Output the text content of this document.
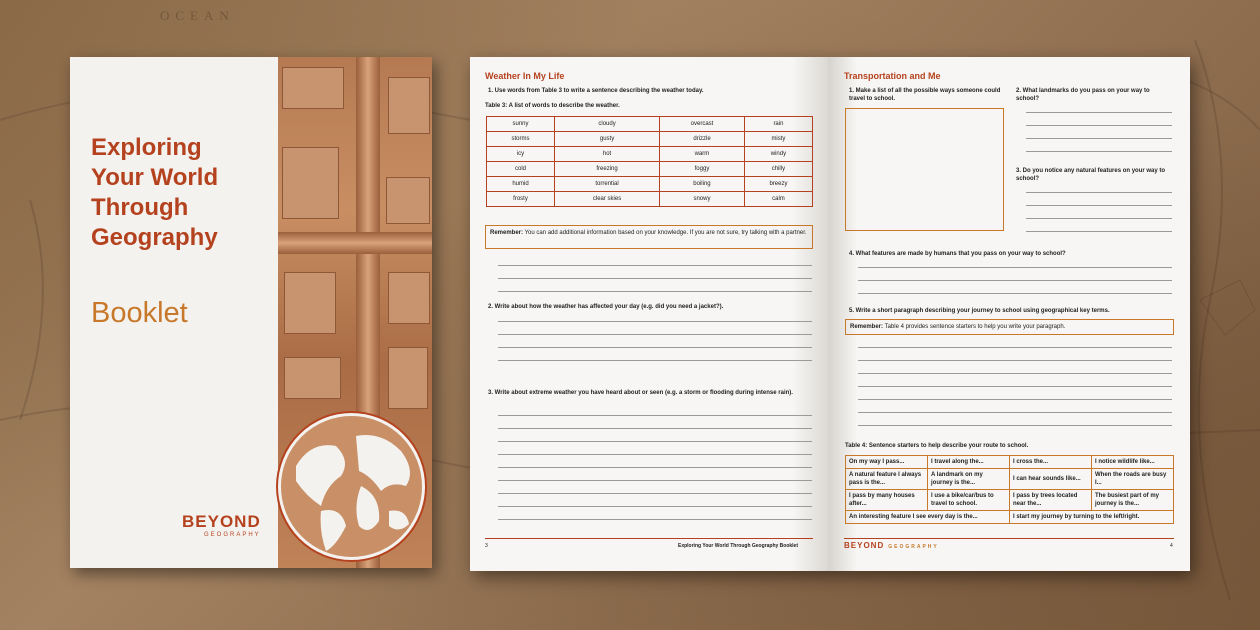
OCEAN
Exploring
Your World
Through
Geography
Booklet
BEYOND
GEOGRAPHY
Weather In My Life
1. Use words from Table 3 to write a sentence describing the weather today.
Table 3: A list of words to describe the weather.
sunny	cloudy	overcast	rain
storms	gusty	drizzle	misty
icy	hot	warm	windy
cold	freezing	foggy	chilly
humid	torrential	boiling	breezy
frosty	clear skies	snowy	calm
Remember: You can add additional information based on your knowledge. If you are not sure, try talking with a partner.
2. Write about how the weather has affected your day (e.g. did you need a jacket?).
3. Write about extreme weather you have heard about or seen (e.g. a storm or flooding during intense rain).
3	Exploring Your World Through Geography Booklet
Transportation and Me
1. Make a list of all the possible ways someone could travel to school.
2. What landmarks do you pass on your way to school?
3. Do you notice any natural features on your way to school?
4. What features are made by humans that you pass on your way to school?
5. Write a short paragraph describing your journey to school using geographical key terms.
Remember: Table 4 provides sentence starters to help you write your paragraph.
Table 4: Sentence starters to help describe your route to school.
On my way I pass...	I travel along the...	I cross the...	I notice wildlife like...
A natural feature I always pass is the...	A landmark on my journey is the...	I can hear sounds like...	When the roads are busy I...
I pass by many houses after...	I use a bike/car/bus to travel to school.	I pass by trees located near the...	The busiest part of my journey is the...
An interesting feature I see every day is the...		I start my journey by turning to the left/right.	
BEYOND GEOGRAPHY	4
